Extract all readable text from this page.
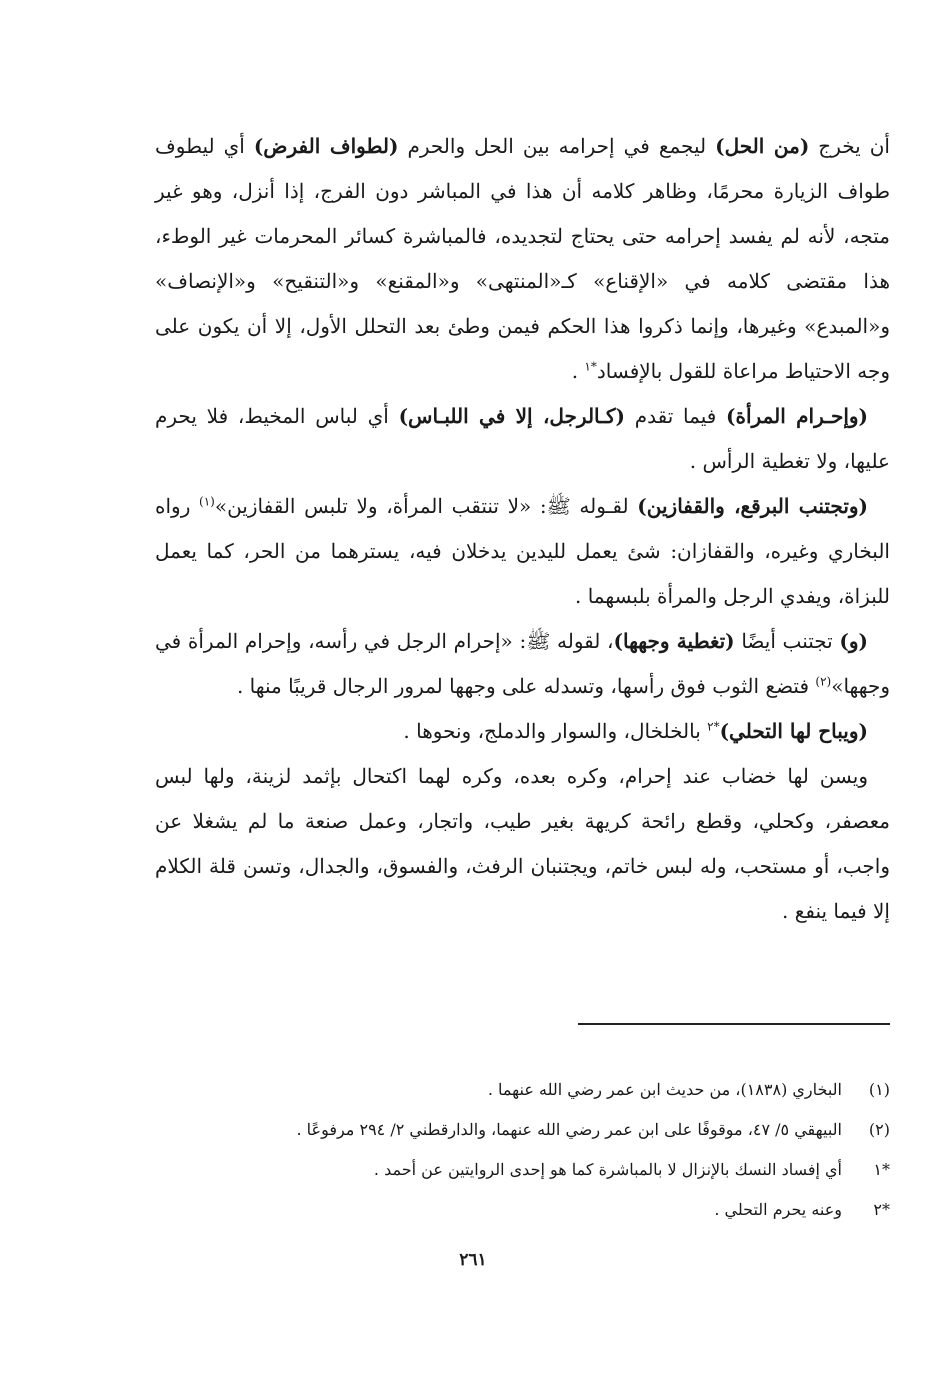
أن يخرج (من الحل) ليجمع في إحرامه بين الحل والحرم (لطواف الفرض) أي ليطوف طواف الزيارة محرمًا، وظاهر كلامه أن هذا في المباشر دون الفرج، إذا أنزل، وهو غير متجه، لأنه لم يفسد إحرامه حتى يحتاج لتجديده، فالمباشرة كسائر المحرمات غير الوطء، هذا مقتضى كلامه في «الإقناع» كـ«المنتهى» و«المقنع» و«التنقيح» و«الإنصاف» و«المبدع» وغيرها، وإنما ذكروا هذا الحكم فيمن وطئ بعد التحلل الأول، إلا أن يكون على وجه الاحتياط مراعاة للقول بالإفساد$^{*١}$ .

(وإحـرام المرأة) فيما تقدم (كـالرجل، إلا في اللبـاس) أي لباس المخيط، فلا يحرم عليها، ولا تغطية الرأس .

(وتجتنب البرقع، والقفازين) لقـوله ﷺ: «لا تنتقب المرأة، ولا تلبس القفازين»$^{(١)}$ رواه البخاري وغيره، والقفازان: شئ يعمل لليدين يدخلان فيه، يسترهما من الحر، كما يعمل للبزاة، ويفدي الرجل والمرأة بلبسهما .

(و) تجتنب أيضًا (تغطية وجهها)، لقوله ﷺ: «إحرام الرجل في رأسه، وإحرام المرأة في وجهها»$^{(٢)}$ فتضع الثوب فوق رأسها، وتسدله على وجهها لمرور الرجال قريبًا منها .

(ويباح لها التحلي)$^{*٢}$ بالخلخال، والسوار والدملج، ونحوها .

ويسن لها خضاب عند إحرام، وكره بعده، وكره لهما اكتحال بإثمد لزينة، ولها لبس معصفر، وكحلي، وقطع رائحة كريهة بغير طيب، واتجار، وعمل صنعة ما لم يشغلا عن واجب، أو مستحب، وله لبس خاتم، ويجتنبان الرفث، والفسوق، والجدال، وتسن قلة الكلام إلا فيما ينفع .

(١)
البخاري (١٨٣٨)، من حديث ابن عمر رضي الله عنهما .
(٢)
البيهقي ٥/ ٤٧، موقوفًا على ابن عمر رضي الله عنهما، والدارقطني ٢/ ٢٩٤ مرفوعًا .
*١
أي إفساد النسك بالإنزال لا بالمباشرة كما هو إحدى الروايتين عن أحمد .
*٢
وعنه يحرم التحلي .
٢٦١
